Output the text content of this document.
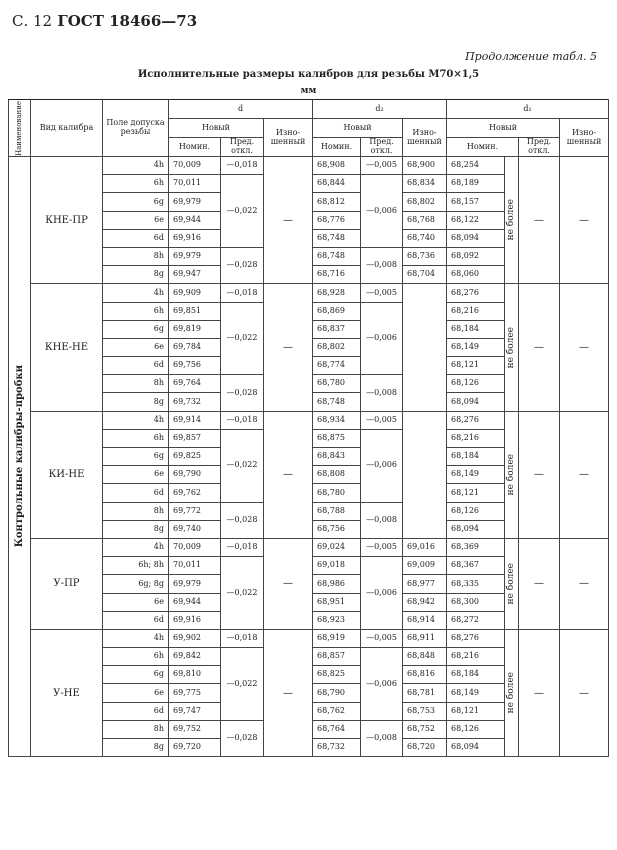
С. 12 ГОСТ 18466—73
Продолжение табл. 5
Исполнительные размеры калибров для резьбы М70×1,5
мм
Наименование	Вид калибра	Поле допуска резьбы	d			d₂			d₁			
			Новый		Изно- шенный	Новый		Изно- шенный	Новый			Изно- шенный
			Номин.	Пред. откл.		Номин.	Пред. откл.		Номин.		Пред. откл.	

Контрольные калибры-пробки	КНЕ-ПР	4h	70,009	—0,018	—	68,908	—0,005	68,900	68,254	не более	—	—
		6h	70,011	—0,022		68,844	—0,006	68,834	68,189			
		6g	69,979			68,812		68,802	68,157			
		6e	69,944			68,776		68,768	68,122			
		6d	69,916			68,748		68,740	68,094			
		8h	69,979	—0,028		68,748	—0,008	68,736	68,092			
		8g	69,947			68,716		68,704	68,060			
	КНЕ-НЕ	4h	69,909	—0,018	—	68,928	—0,005		68,276	не более	—	—
		6h	69,851	—0,022		68,869	—0,006		68,216			
		6g	69,819			68,837			68,184			
		6e	69,784			68,802			68,149			
		6d	69,756			68,774			68,121			
		8h	69,764	—0,028		68,780	—0,008		68,126			
		8g	69,732			68,748			68,094			
	КИ-НЕ	4h	69,914	—0,018	—	68,934	—0,005		68,276	не более	—	—
		6h	69,857	—0,022		68,875	—0,006		68,216			
		6g	69,825			68,843			68,184			
		6e	69,790			68,808			68,149			
		6d	69,762			68,780			68,121			
		8h	69,772	—0,028		68,788	—0,008		68,126			
		8g	69,740			68,756			68,094			
	У-ПР	4h	70,009	—0,018	—	69,024	—0,005	69,016	68,369	не более	—	—
		6h; 8h	70,011	—0,022		69,018	—0,006	69,009	68,367			
		6g; 8g	69,979			68,986		68,977	68,335			
		6e	69,944			68,951		68,942	68,300			
		6d	69,916			68,923		68,914	68,272			
	У-НЕ	4h	69,902	—0,018	—	68,919	—0,005	68,911	68,276	не более	—	—
		6h	69,842	—0,022		68,857	—0,006	68,848	68,216			
		6g	69,810			68,825		68,816	68,184			
		6e	69,775			68,790		68,781	68,149			
		6d	69,747			68,762		68,753	68,121			
		8h	69,752	—0,028		68,764	—0,008	68,752	68,126			
		8g	69,720			68,732		68,720	68,094			
